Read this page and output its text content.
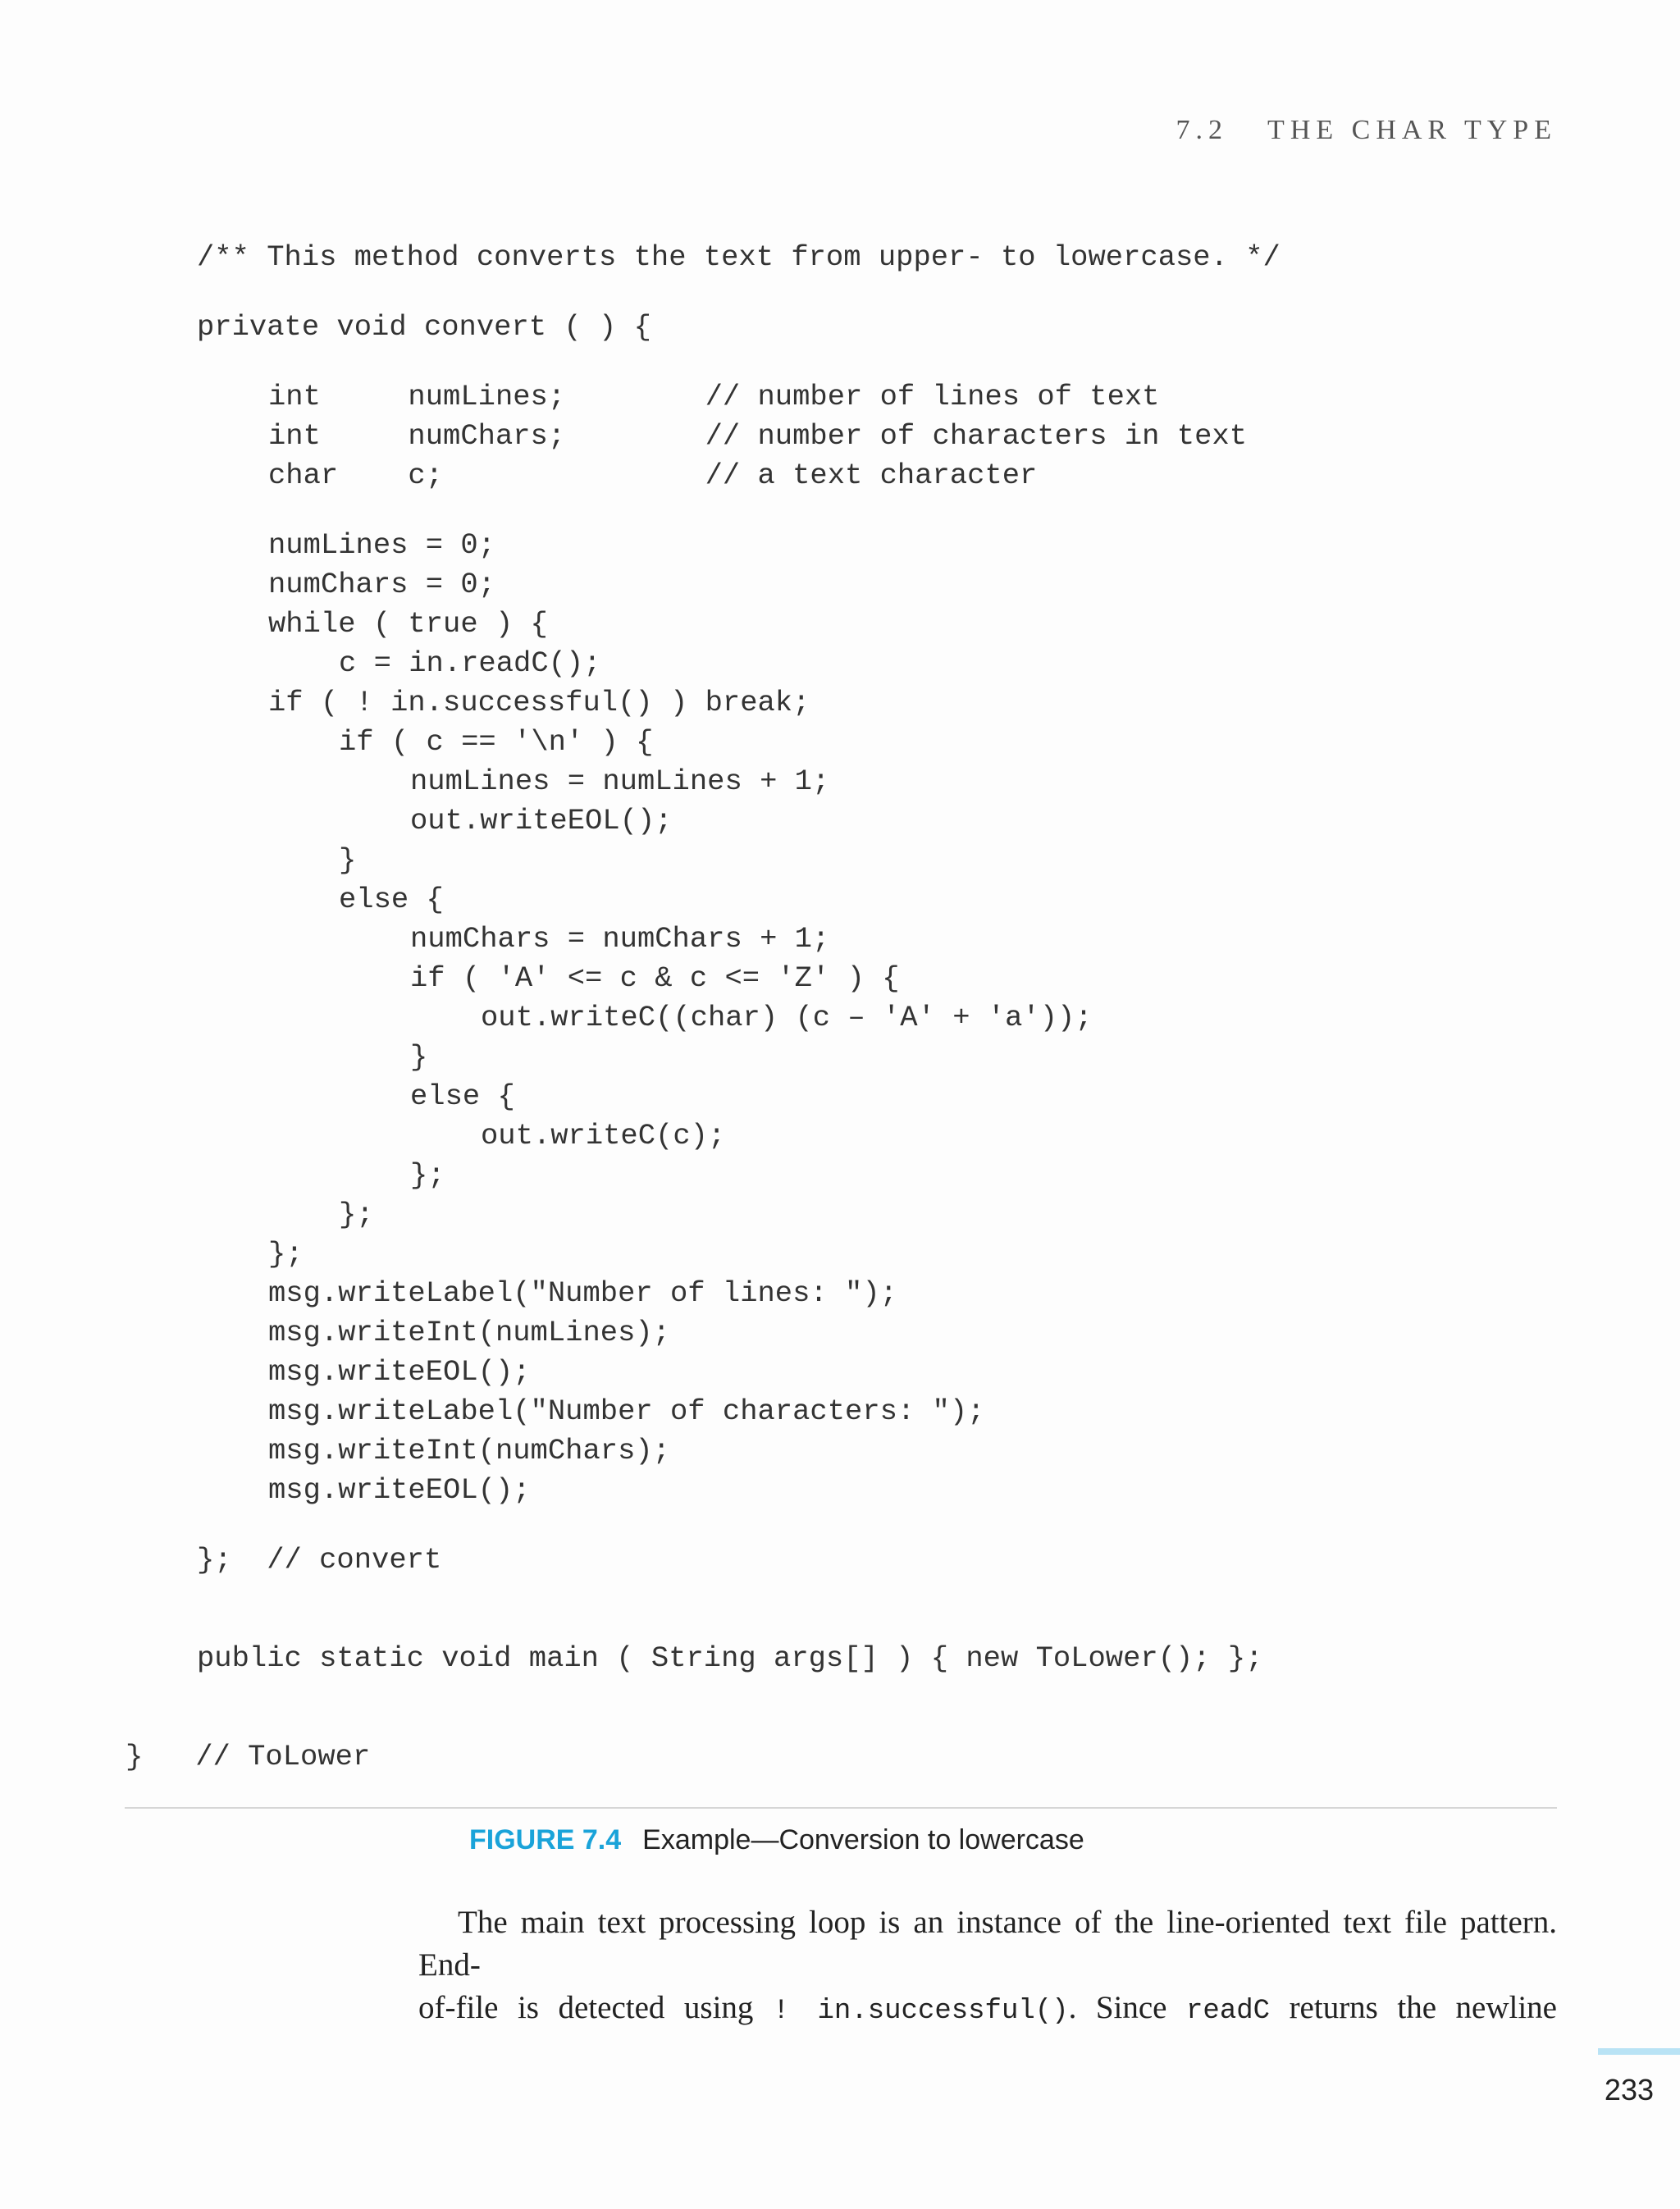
7.2 THE CHAR TYPE
/** This method converts the text from upper- to lowercase. */
private void convert ( ) {
int     numLines;        // number of lines of text
int     numChars;        // number of characters in text
char    c;               // a text character
numLines = 0;
numChars = 0;
while ( true ) {
c = in.readC();
if ( ! in.successful() ) break;
if ( c == '\n' ) {
numLines = numLines + 1;
out.writeEOL();
}
else {
numChars = numChars + 1;
if ( 'A' <= c & c <= 'Z' ) {
out.writeC((char) (c – 'A' + 'a'));
}
else {
out.writeC(c);
};
};
};
msg.writeLabel("Number of lines: ");
msg.writeInt(numLines);
msg.writeEOL();
msg.writeLabel("Number of characters: ");
msg.writeInt(numChars);
msg.writeEOL();
};  // convert
public static void main ( String args[] ) { new ToLower(); };
}   // ToLower
FIGURE 7.4 Example—Conversion to lowercase

The main text processing loop is an instance of the line-oriented text file pattern. End-

of-file is detected using ! in.successful(). Since readC returns the newline

233
